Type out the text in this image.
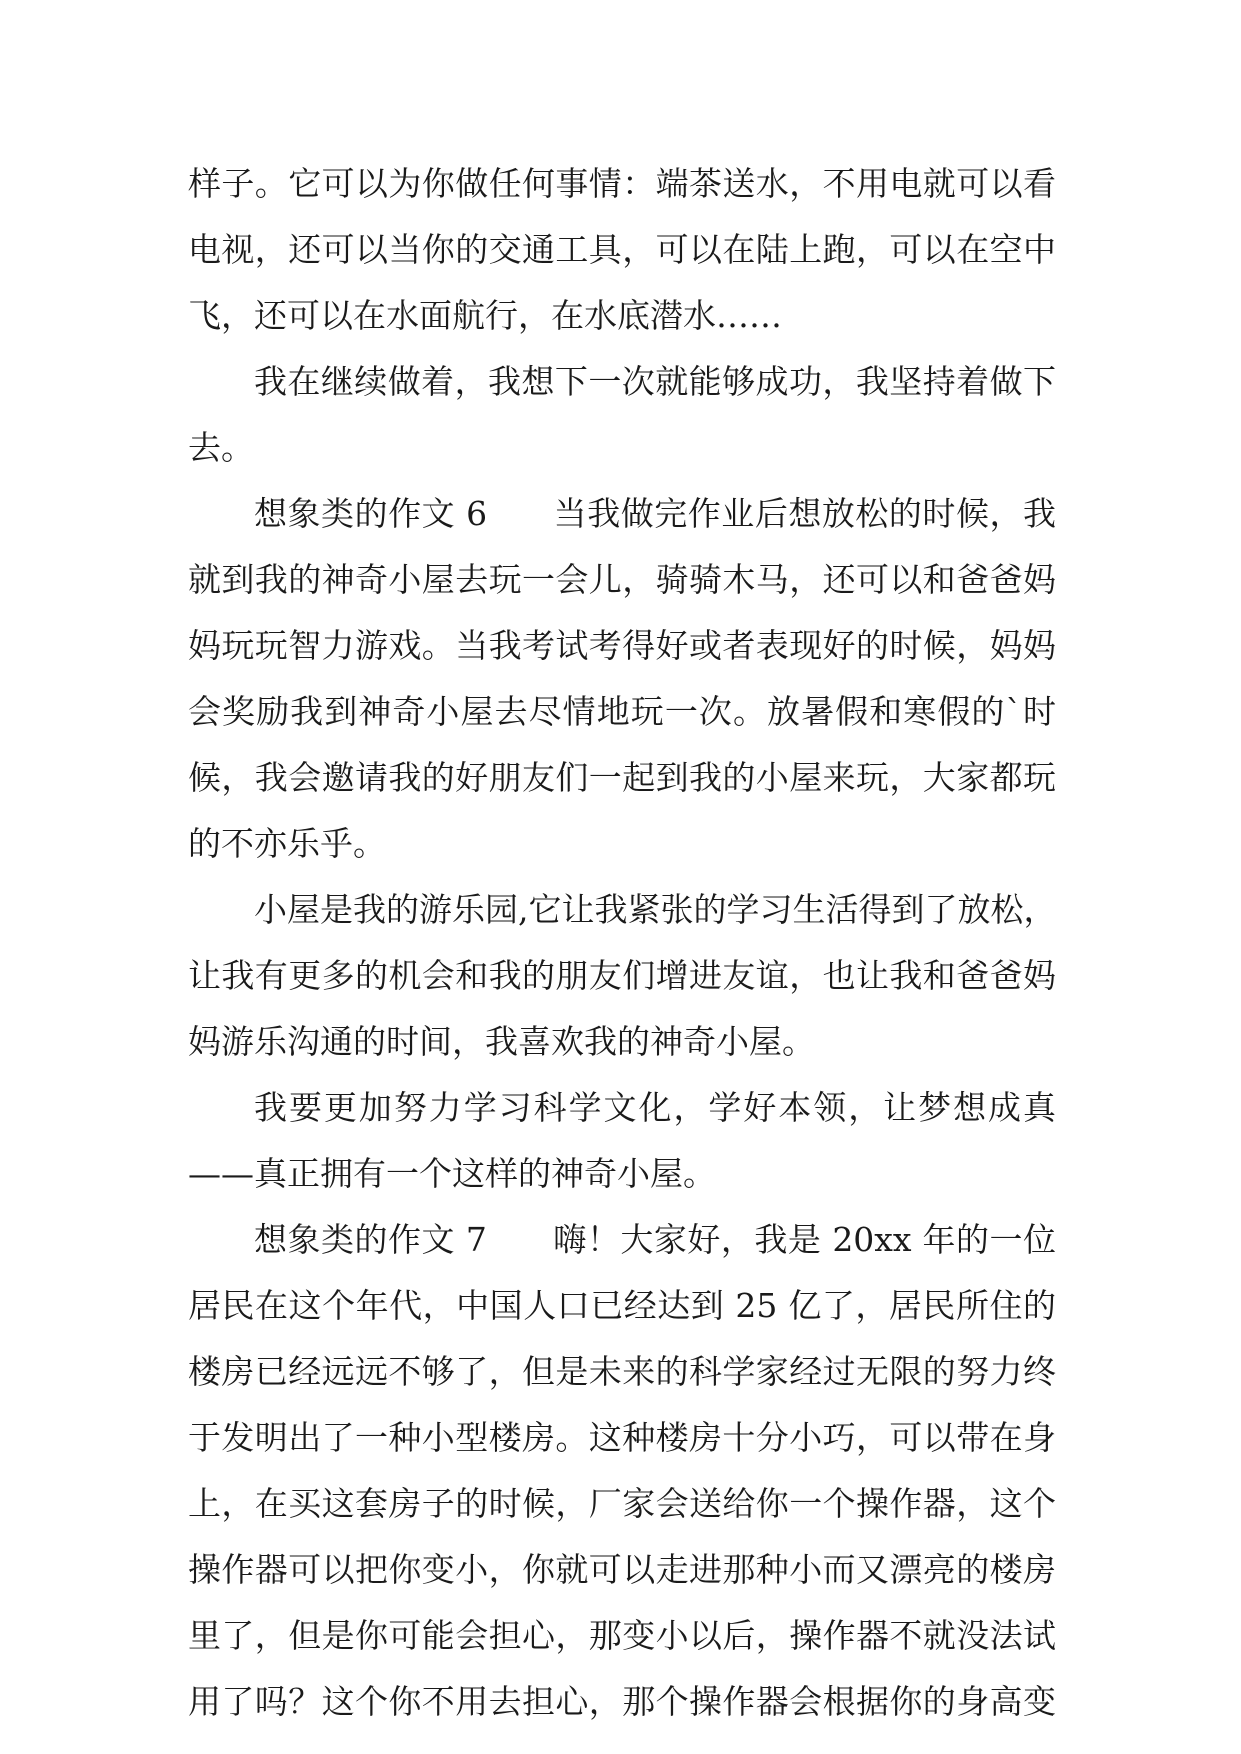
样子。它可以为你做任何事情：端茶送水，不用电就可以看
电视，还可以当你的交通工具，可以在陆上跑，可以在空中
飞，还可以在水面航行，在水底潜水……
我在继续做着，我想下一次就能够成功，我坚持着做下
去。
想象类的作文 6 当我做完作业后想放松的时候，我
就到我的神奇小屋去玩一会儿，骑骑木马，还可以和爸爸妈
妈玩玩智力游戏。当我考试考得好或者表现好的时候，妈妈
会奖励我到神奇小屋去尽情地玩一次。放暑假和寒假的`时
候，我会邀请我的好朋友们一起到我的小屋来玩，大家都玩
的不亦乐乎。
小屋是我的游乐园,它让我紧张的学习生活得到了放松，
让我有更多的机会和我的朋友们增进友谊，也让我和爸爸妈
妈游乐沟通的时间，我喜欢我的神奇小屋。
我要更加努力学习科学文化，学好本领，让梦想成真
——真正拥有一个这样的神奇小屋。
想象类的作文 7 嗨！大家好，我是 20xx 年的一位
居民在这个年代，中国人口已经达到 25 亿了，居民所住的
楼房已经远远不够了，但是未来的科学家经过无限的努力终
于发明出了一种小型楼房。这种楼房十分小巧，可以带在身
上，在买这套房子的时候，厂家会送给你一个操作器，这个
操作器可以把你变小，你就可以走进那种小而又漂亮的楼房
里了，但是你可能会担心，那变小以后，操作器不就没法试
用了吗？这个你不用去担心，那个操作器会根据你的身高变
